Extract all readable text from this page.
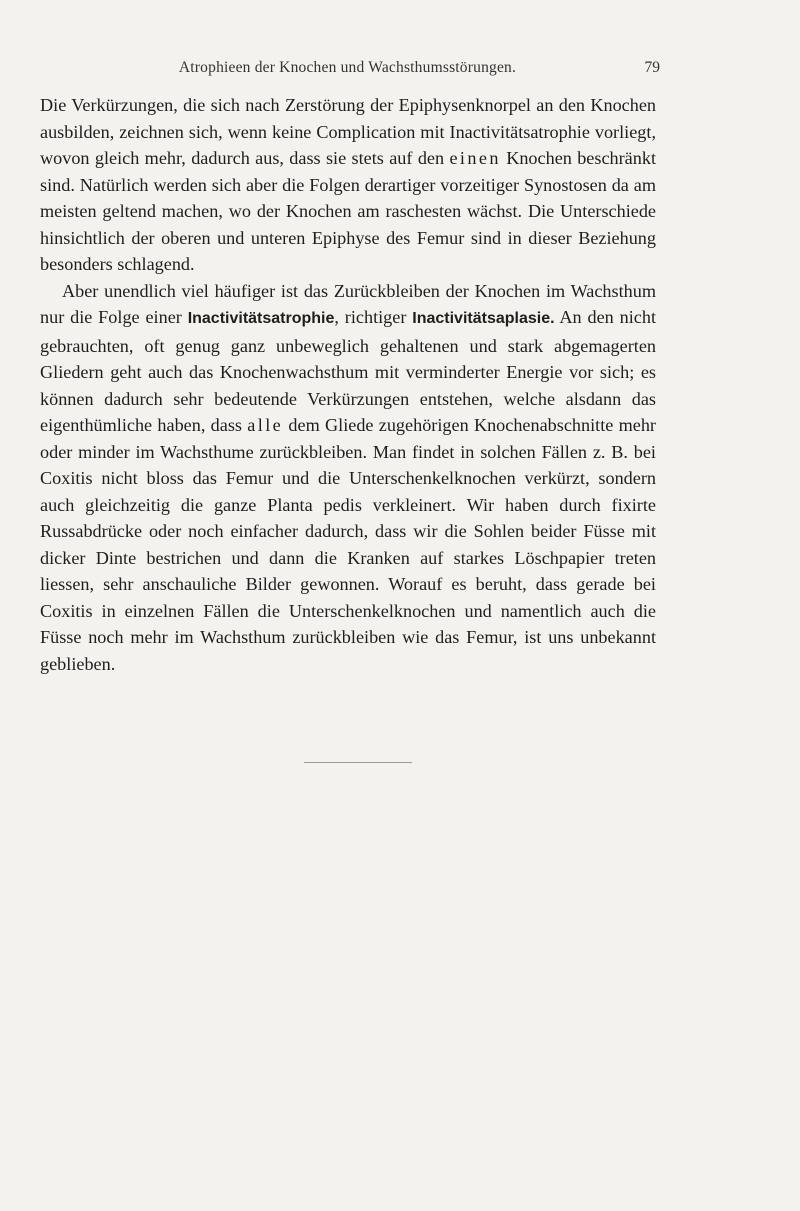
Atrophieen der Knochen und Wachsthumsstörungen.	79

Die Verkürzungen, die sich nach Zerstörung der Epiphysenknorpel an den Knochen ausbilden, zeichnen sich, wenn keine Complication mit Inactivitätsatrophie vorliegt, wovon gleich mehr, dadurch aus, dass sie stets auf den einen Knochen beschränkt sind. Natürlich werden sich aber die Folgen derartiger vorzeitiger Synostosen da am meisten geltend machen, wo der Knochen am raschesten wächst. Die Unterschiede hinsichtlich der oberen und unteren Epiphyse des Femur sind in dieser Beziehung besonders schlagend.

Aber unendlich viel häufiger ist das Zurückbleiben der Knochen im Wachsthum nur die Folge einer Inactivitätsatrophie, richtiger Inactivitätsaplasie. An den nicht gebrauchten, oft genug ganz unbeweglich gehaltenen und stark abgemagerten Gliedern geht auch das Knochenwachsthum mit verminderter Energie vor sich; es können dadurch sehr bedeutende Verkürzungen entstehen, welche alsdann das eigenthümliche haben, dass alle dem Gliede zugehörigen Knochenabschnitte mehr oder minder im Wachsthume zurückbleiben. Man findet in solchen Fällen z. B. bei Coxitis nicht bloss das Femur und die Unterschenkelknochen verkürzt, sondern auch gleichzeitig die ganze Planta pedis verkleinert. Wir haben durch fixirte Russabdrücke oder noch einfacher dadurch, dass wir die Sohlen beider Füsse mit dicker Dinte bestrichen und dann die Kranken auf starkes Löschpapier treten liessen, sehr anschauliche Bilder gewonnen. Worauf es beruht, dass gerade bei Coxitis in einzelnen Fällen die Unterschenkelknochen und namentlich auch die Füsse noch mehr im Wachsthum zurückbleiben wie das Femur, ist uns unbekannt geblieben.
